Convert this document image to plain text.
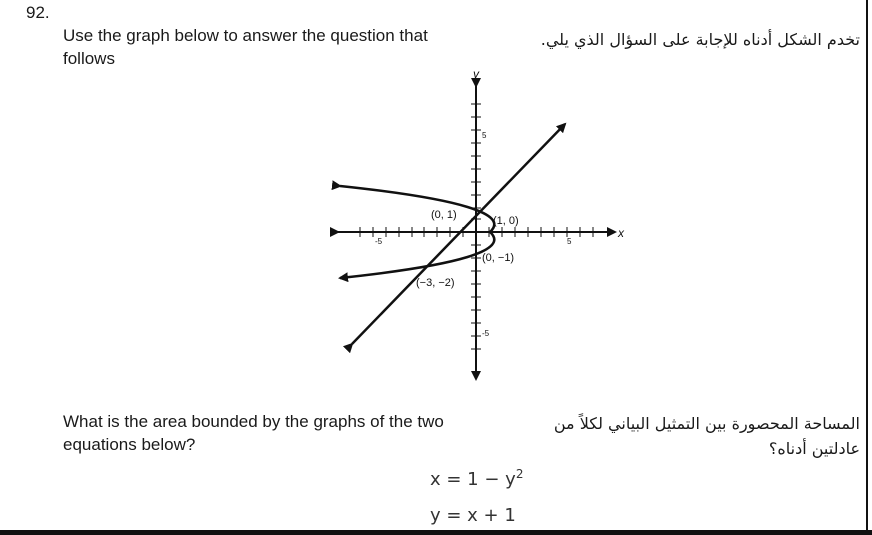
92.
Use the graph below to answer the question that follows
تخدم الشكل أدناه للإجابة على السؤال الذي يلي.
-5	5
5
-5
x
y
(0, 1)	(1, 0)
(0, −1)
(−3, −2)
What is the area bounded by the graphs of the two equations below?
المساحة المحصورة بين التمثيل البياني لكلاً من
عادلتين أدناه؟
$x = 1 - y^2$
y = x + 1
